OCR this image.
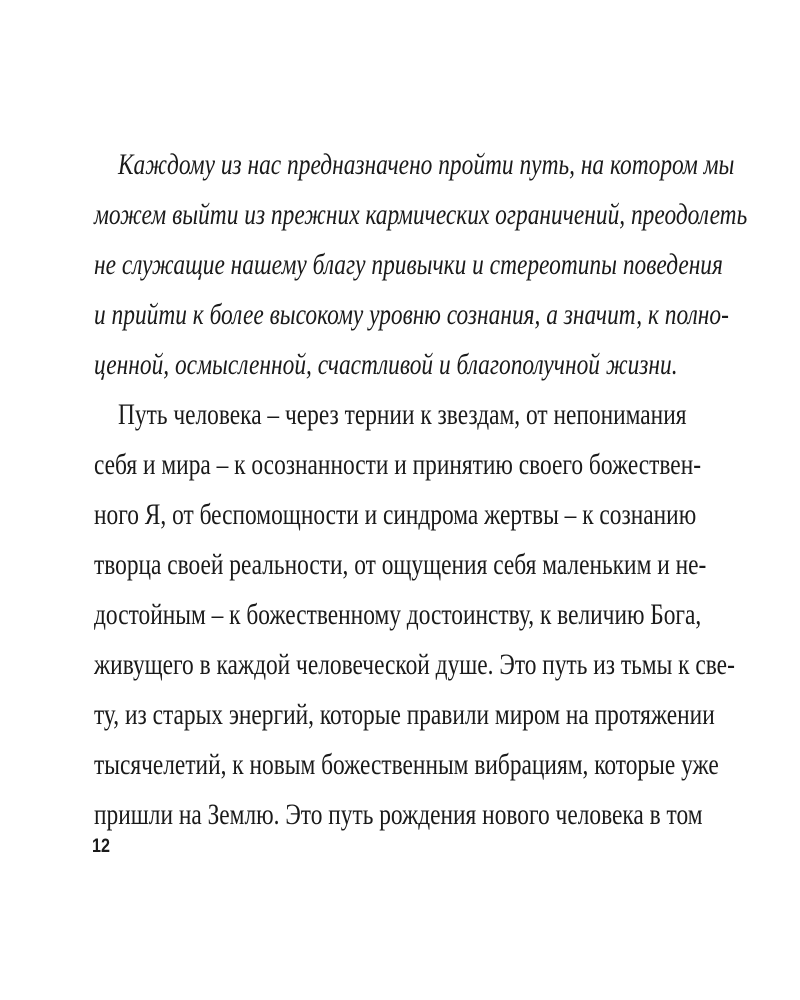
Каждому из нас предназначено пройти путь, на котором мы
можем выйти из прежних кармических ограничений, преодолеть
не служащие нашему благу привычки и стереотипы поведения
и прийти к более высокому уровню сознания, а значит, к полно-
ценной, осмысленной, счастливой и благополучной жизни.
Путь человека – через тернии к звездам, от непонимания
себя и мира – к осознанности и принятию своего божествен-
ного Я, от беспомощности и синдрома жертвы – к сознанию
творца своей реальности, от ощущения себя маленьким и не-
достойным – к божественному достоинству, к величию Бога,
живущего в каждой человеческой душе. Это путь из тьмы к све-
ту, из старых энергий, которые правили миром на протяжении
тысячелетий, к новым божественным вибрациям, которые уже
пришли на Землю. Это путь рождения нового человека в том
12
